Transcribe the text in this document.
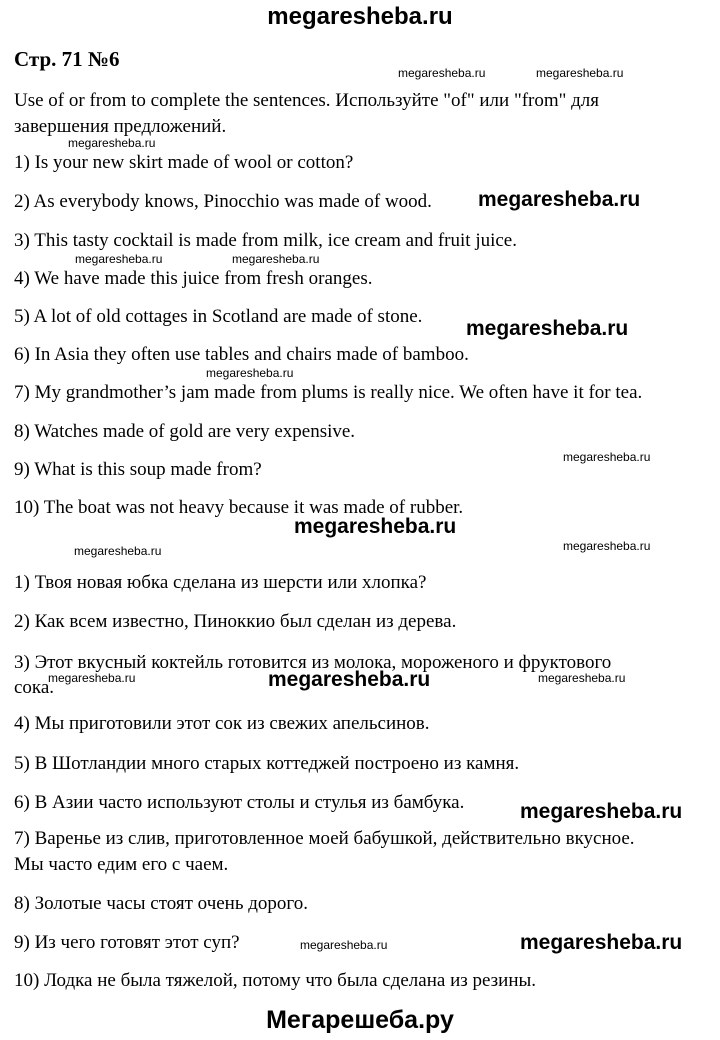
megaresheba.ru
Стр. 71 №6
Use of or from to complete the sentences. Используйте "of" или "from" для
завершения предложений.
1) Is your new skirt made of wool or cotton?
2) As everybody knows, Pinocchio was made of wood.
3) This tasty cocktail is made from milk, ice cream and fruit juice.
4) We have made this juice from fresh oranges.
5) A lot of old cottages in Scotland are made of stone.
6) In Asia they often use tables and chairs made of bamboo.
7) My grandmother’s jam made from plums is really nice. We often have it for tea.
8) Watches made of gold are very expensive.
9) What is this soup made from?
10) The boat was not heavy because it was made of rubber.
1) Твоя новая юбка сделана из шерсти или хлопка?
2) Как всем известно, Пиноккио был сделан из дерева.
3) Этот вкусный коктейль готовится из молока, мороженого и фруктового
сока.
4) Мы приготовили этот сок из свежих апельсинов.
5) В Шотландии много старых коттеджей построено из камня.
6) В Азии часто используют столы и стулья из бамбука.
7) Варенье из слив, приготовленное моей бабушкой, действительно вкусное.
Мы часто едим его с чаем.
8) Золотые часы стоят очень дорого.
9) Из чего готовят этот суп?
10) Лодка не была тяжелой, потому что была сделана из резины.
megaresheba.ru	megaresheba.ru
megaresheba.ru
megaresheba.ru
megaresheba.ru	megaresheba.ru
megaresheba.ru
megaresheba.ru
megaresheba.ru
megaresheba.ru
megaresheba.ru	megaresheba.ru
megaresheba.ru	megaresheba.ru	megaresheba.ru
megaresheba.ru
megaresheba.ru	megaresheba.ru
Мегарешеба.ру
